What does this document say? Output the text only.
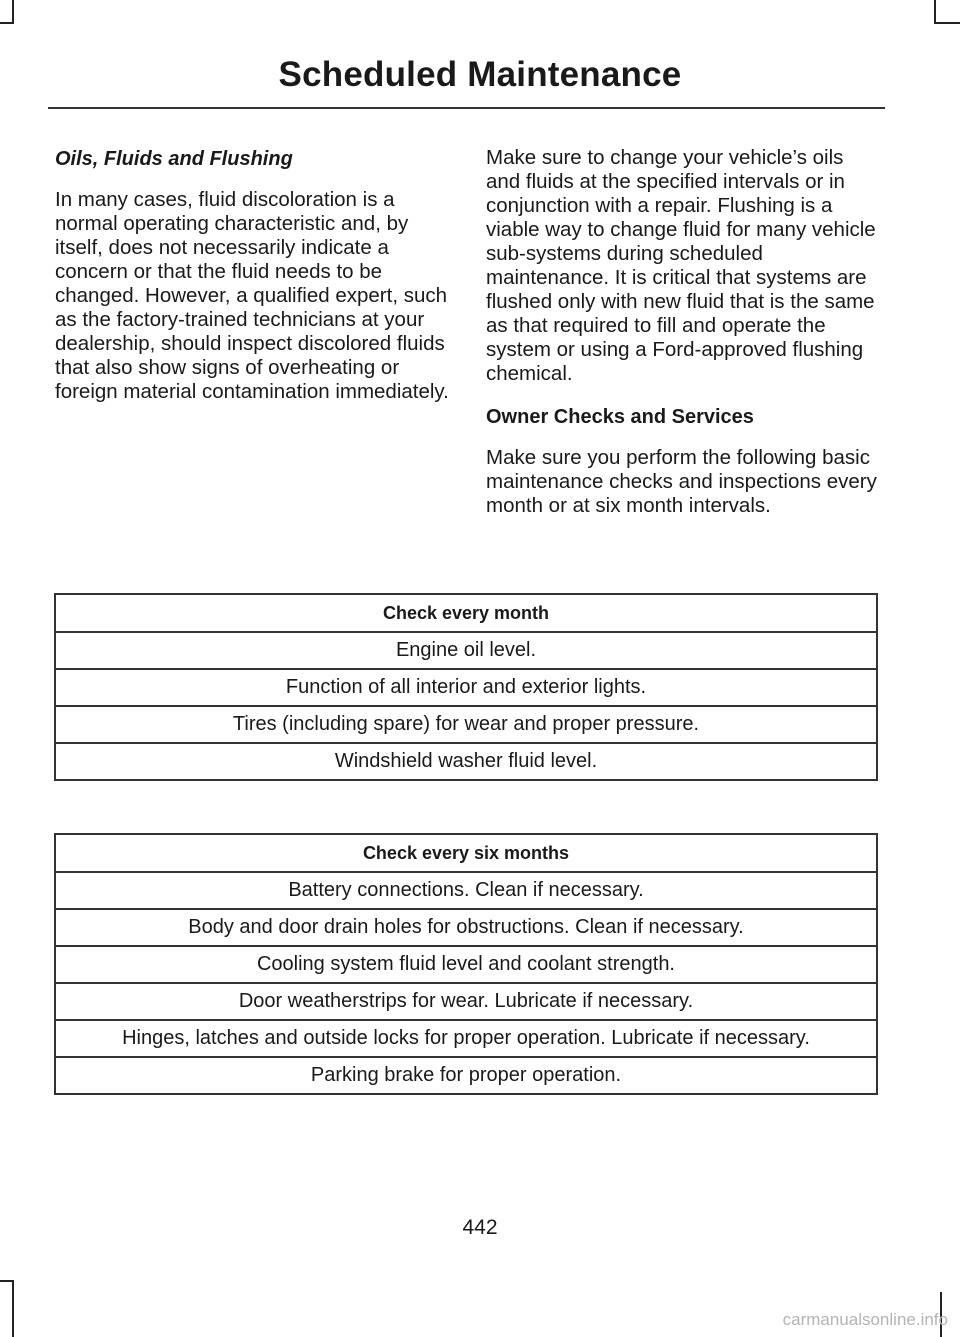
Scheduled Maintenance
Oils, Fluids and Flushing
In many cases, fluid discoloration is a normal operating characteristic and, by itself, does not necessarily indicate a concern or that the fluid needs to be changed. However, a qualified expert, such as the factory-trained technicians at your dealership, should inspect discolored fluids that also show signs of overheating or foreign material contamination immediately.
Make sure to change your vehicle’s oils and fluids at the specified intervals or in conjunction with a repair. Flushing is a viable way to change fluid for many vehicle sub-systems during scheduled maintenance. It is critical that systems are flushed only with new fluid that is the same as that required to fill and operate the system or using a Ford-approved flushing chemical.
Owner Checks and Services
Make sure you perform the following basic maintenance checks and inspections every month or at six month intervals.
Check every month
Engine oil level.
Function of all interior and exterior lights.
Tires (including spare) for wear and proper pressure.
Windshield washer fluid level.
Check every six months
Battery connections. Clean if necessary.
Body and door drain holes for obstructions. Clean if necessary.
Cooling system fluid level and coolant strength.
Door weatherstrips for wear. Lubricate if necessary.
Hinges, latches and outside locks for proper operation. Lubricate if necessary.
Parking brake for proper operation.
442
carmanualsonline.info
